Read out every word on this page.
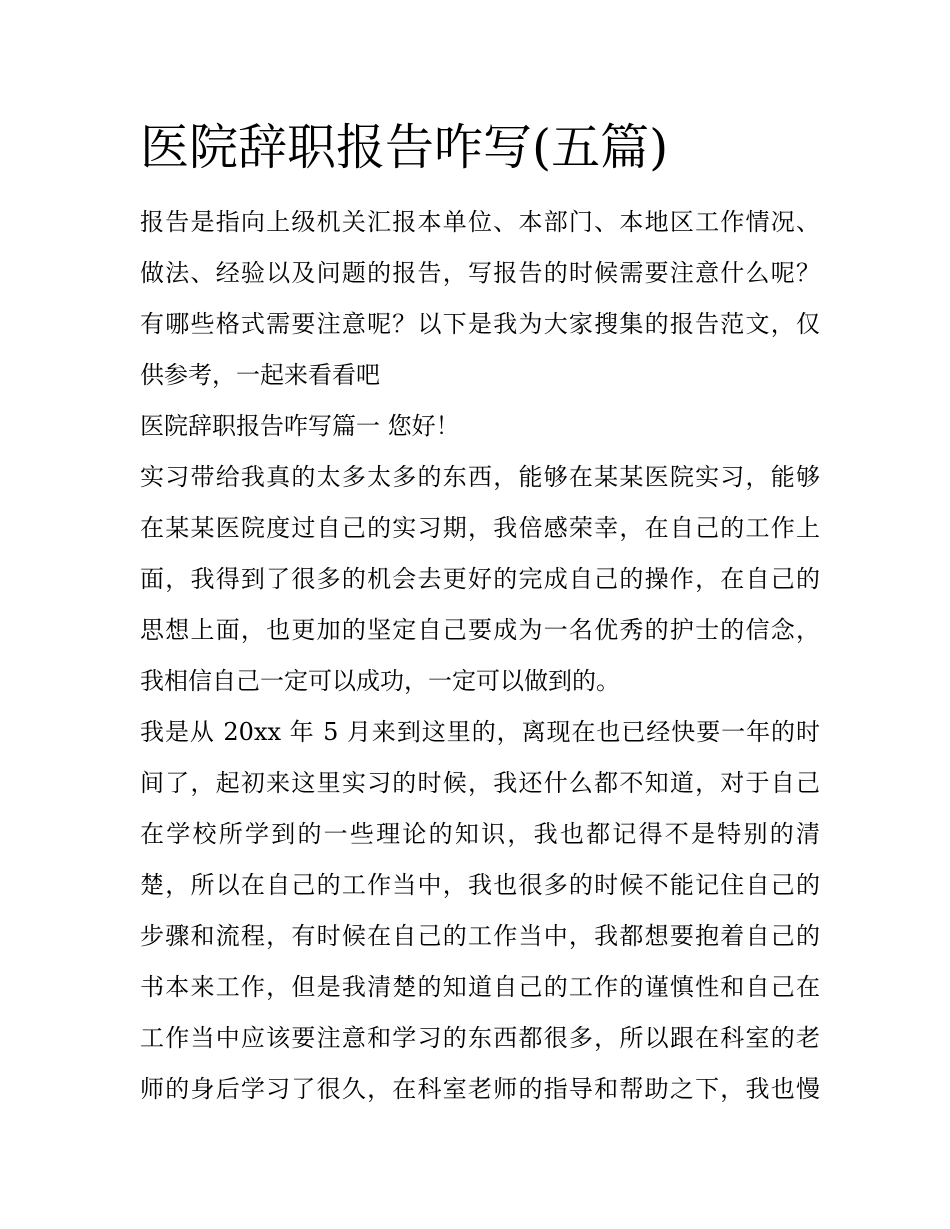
医院辞职报告咋写(五篇)
报告是指向上级机关汇报本单位、本部门、本地区工作情况、
做法、经验以及问题的报告，写报告的时候需要注意什么呢？
有哪些格式需要注意呢？以下是我为大家搜集的报告范文，仅
供参考，一起来看看吧
医院辞职报告咋写篇一 您好！
实习带给我真的太多太多的东西，能够在某某医院实习，能够
在某某医院度过自己的实习期，我倍感荣幸，在自己的工作上
面，我得到了很多的机会去更好的完成自己的操作，在自己的
思想上面，也更加的坚定自己要成为一名优秀的护士的信念，
我相信自己一定可以成功，一定可以做到的。
我是从 20xx 年 5 月来到这里的，离现在也已经快要一年的时
间了，起初来这里实习的时候，我还什么都不知道，对于自己
在学校所学到的一些理论的知识，我也都记得不是特别的清
楚，所以在自己的工作当中，我也很多的时候不能记住自己的
步骤和流程，有时候在自己的工作当中，我都想要抱着自己的
书本来工作，但是我清楚的知道自己的工作的谨慎性和自己在
工作当中应该要注意和学习的东西都很多，所以跟在科室的老
师的身后学习了很久，在科室老师的指导和帮助之下，我也慢
